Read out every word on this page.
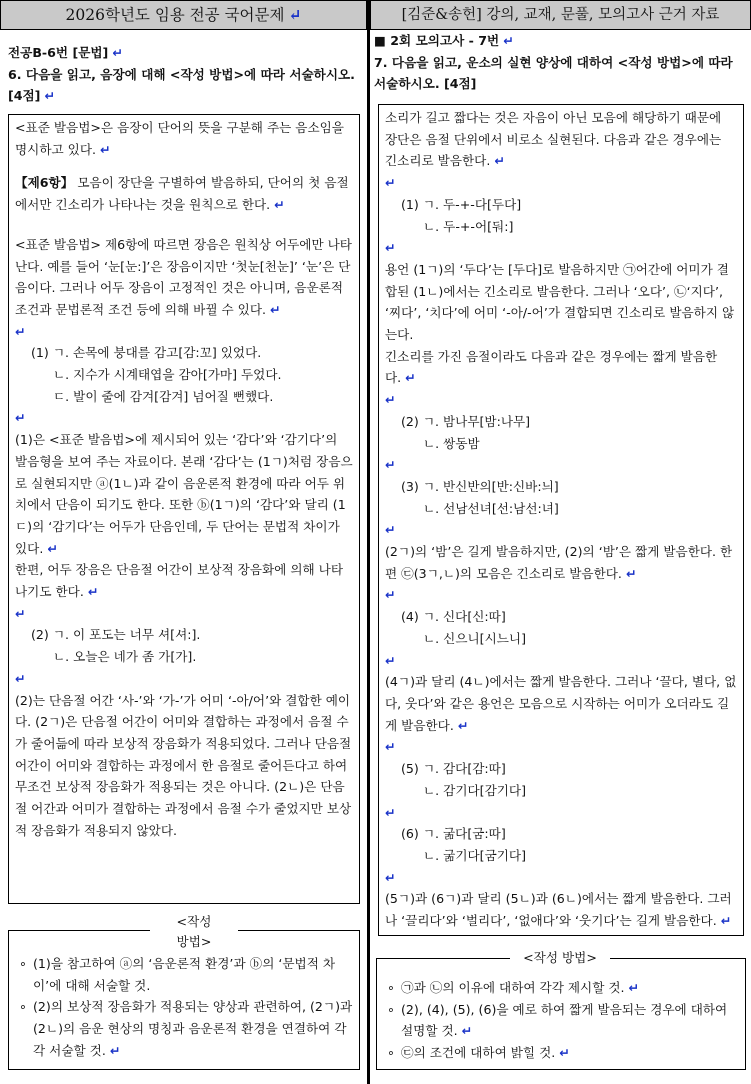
2026학년도 임용 전공 국어문제 ↵

전공B-6번 [문법] ↵

6. 다음을 읽고, 음장에 대해 <작성 방법>에 따라 서술하시오. [4점] ↵

<표준 발음법>은 음장이 단어의 뜻을 구분해 주는 음소임을 명시하고 있다. ↵

【제6항】 모음이 장단을 구별하여 발음하되, 단어의 첫 음절에서만 긴소리가 나타나는 것을 원칙으로 한다. ↵

<표준 발음법> 제6항에 따르면 장음은 원칙상 어두에만 나타난다. 예를 들어 ‘눈[눈:]’은 장음이지만 ‘첫눈[천눈]’ ‘눈’은 단음이다. 그러나 어두 장음이 고정적인 것은 아니며, 음운론적 조건과 문법론적 조건 등에 의해 바뀔 수 있다. ↵

↵

(1) ㄱ. 손목에 붕대를 감고[감:꼬] 있었다.

ㄴ. 지수가 시계태엽을 감아[가마] 두었다.

ㄷ. 발이 줄에 감겨[감겨] 넘어질 뻔했다.

↵

(1)은 <표준 발음법>에 제시되어 있는 ‘감다’와 ‘감기다’의 발음형을 보여 주는 자료이다. 본래 ‘감다’는 (1ㄱ)처럼 장음으로 실현되지만 ⓐ(1ㄴ)과 같이 음운론적 환경에 따라 어두 위치에서 단음이 되기도 한다. 또한 ⓑ(1ㄱ)의 ‘감다’와 달리 (1ㄷ)의 ‘감기다’는 어두가 단음인데, 두 단어는 문법적 차이가 있다. ↵

한편, 어두 장음은 단음절 어간이 보상적 장음화에 의해 나타나기도 한다. ↵

↵

(2) ㄱ. 이 포도는 너무 셔[셔:].

ㄴ. 오늘은 네가 좀 가[가].

↵

(2)는 단음절 어간 ‘사-’와 ‘가-’가 어미 ‘-아/어’와 결합한 예이다. (2ㄱ)은 단음절 어간이 어미와 결합하는 과정에서 음절 수가 줄어듦에 따라 보상적 장음화가 적용되었다. 그러나 단음절 어간이 어미와 결합하는 과정에서 한 음절로 줄어든다고 하여 무조건 보상적 장음화가 적용되는 것은 아니다. (2ㄴ)은 단음절 어간과 어미가 결합하는 과정에서 음절 수가 줄었지만 보상적 장음화가 적용되지 않았다.

∘ (1)을 참고하여 ⓐ의 ‘음운론적 환경’과 ⓑ의 ‘문법적 차이’에 대해 서술할 것.

∘ (2)의 보상적 장음화가 적용되는 양상과 관련하여, (2ㄱ)과 (2ㄴ)의 음운 현상의 명칭과 음운론적 환경을 연결하여 각각 서술할 것. ↵

<작성

방법>

[김준&송헌] 강의, 교재, 문풀, 모의고사 근거 자료

■ 2회 모의고사 - 7번 ↵

7. 다음을 읽고, 운소의 실현 양상에 대하여 <작성 방법>에 따라 서술하시오. [4점]

소리가 길고 짧다는 것은 자음이 아닌 모음에 해당하기 때문에 장단은 음절 단위에서 비로소 실현된다. 다음과 같은 경우에는 긴소리로 발음한다. ↵

↵

(1) ㄱ. 두-+-다[두다]

ㄴ. 두-+-어[둬:]

↵

용언 (1ㄱ)의 ‘두다’는 [두다]로 발음하지만 ㉠어간에 어미가 결합된 (1ㄴ)에서는 긴소리로 발음한다. 그러나 ‘오다’, ㉡‘지다’, ‘찌다’, ‘치다’에 어미 ‘-아/-어’가 결합되면 긴소리로 발음하지 않는다.

긴소리를 가진 음절이라도 다음과 같은 경우에는 짧게 발음한다. ↵

↵

(2) ㄱ. 밤나무[밤:나무]

ㄴ. 쌍동밤

↵

(3) ㄱ. 반신반의[반:신바:늬]

ㄴ. 선남선녀[선:남선:녀]

↵

(2ㄱ)의 ‘밤’은 길게 발음하지만, (2)의 ‘밤’은 짧게 발음한다. 한편 ㉢(3ㄱ,ㄴ)의 모음은 긴소리로 발음한다. ↵

↵

(4) ㄱ. 신다[신:따]

ㄴ. 신으니[시느니]

↵

(4ㄱ)과 달리 (4ㄴ)에서는 짧게 발음한다. 그러나 ‘끌다, 별다, 없다, 웃다’와 같은 용언은 모음으로 시작하는 어미가 오더라도 길게 발음한다. ↵

↵

(5) ㄱ. 감다[감:따]

ㄴ. 감기다[감기다]

↵

(6) ㄱ. 굶다[굼:따]

ㄴ. 굶기다[굼기다]

↵

(5ㄱ)과 (6ㄱ)과 달리 (5ㄴ)과 (6ㄴ)에서는 짧게 발음한다. 그러나 ‘끌리다’와 ‘벌리다’, ‘없애다’와 ‘웃기다’는 길게 발음한다. ↵

∘ ㉠과 ㉡의 이유에 대하여 각각 제시할 것. ↵

∘ (2), (4), (5), (6)을 예로 하여 짧게 발음되는 경우에 대하여 설명할 것. ↵

∘ ㉢의 조건에 대하여 밝힐 것. ↵

<작성 방법>
